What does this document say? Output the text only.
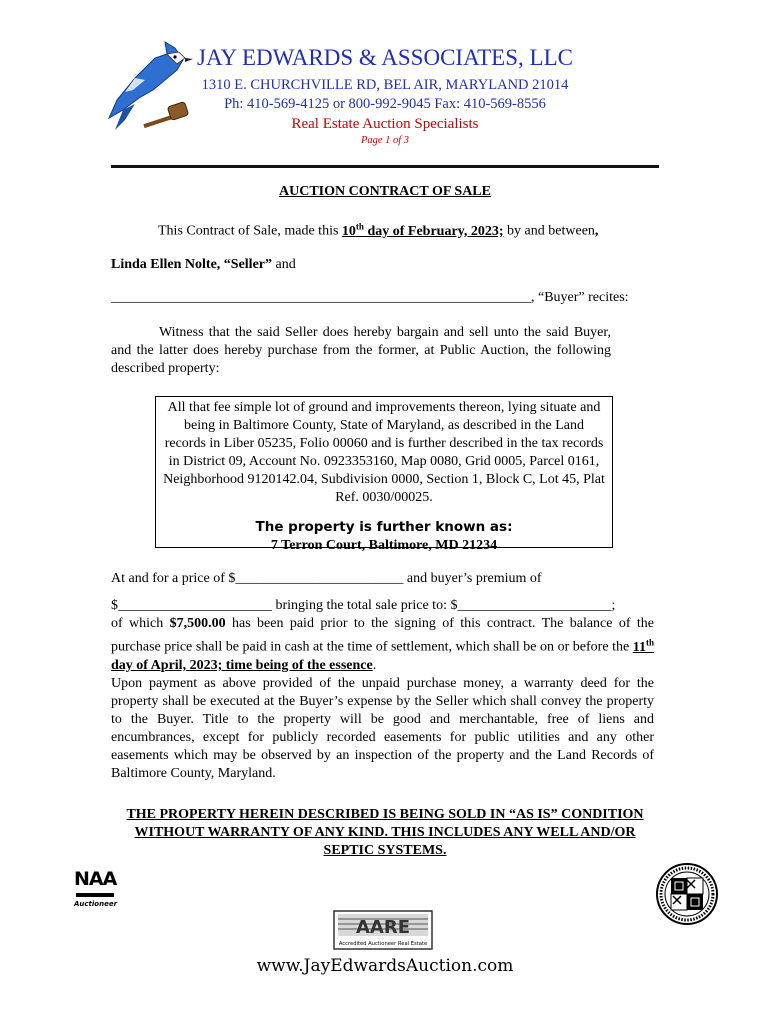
JAY EDWARDS & ASSOCIATES, LLC
1310 E. CHURCHVILLE RD, BEL AIR, MARYLAND 21014
Ph: 410-569-4125 or 800-992-9045 Fax: 410-569-8556
Real Estate Auction Specialists
Page 1 of 3
AUCTION CONTRACT OF SALE
This Contract of Sale, made this 10th day of February, 2023; by and between,
Linda Ellen Nolte, “Seller” and
____________________________________________________________, “Buyer” recites:

Witness that the said Seller does hereby bargain and sell unto the said Buyer, and the latter does hereby purchase from the former, at Public Auction, the following described property:

All that fee simple lot of ground and improvements thereon, lying situate and being in Baltimore County, State of Maryland, as described in the Land records in Liber 05235, Folio 00060 and is further described in the tax records in District 09, Account No. 0923353160, Map 0080, Grid 0005, Parcel 0161, Neighborhood 9120142.04, Subdivision 0000, Section 1, Block C, Lot 45, Plat Ref. 0030/00025.

The property is further known as:

7 Terron Court, Baltimore, MD 21234

At and for a price of $________________________ and buyer’s premium of
$______________________ bringing the total sale price to: $______________________;
of which $7,500.00 has been paid prior to the signing of this contract. The balance of the purchase price shall be paid in cash at the time of settlement, which shall be on or before the 11th day of April, 2023; time being of the essence.

Upon payment as above provided of the unpaid purchase money, a warranty deed for the property shall be executed at the Buyer’s expense by the Seller which shall convey the property to the Buyer. Title to the property will be good and merchantable, free of liens and encumbrances, except for publicly recorded easements for public utilities and any other easements which may be observed by an inspection of the property and the Land Records of Baltimore County, Maryland.

THE PROPERTY HEREIN DESCRIBED IS BEING SOLD IN “AS IS” CONDITION WITHOUT WARRANTY OF ANY KIND. THIS INCLUDES ANY WELL AND/OR SEPTIC SYSTEMS.

NAA
Auctioneer
AARE
Accredited Auctioneer Real Estate
www.JayEdwardsAuction.com
